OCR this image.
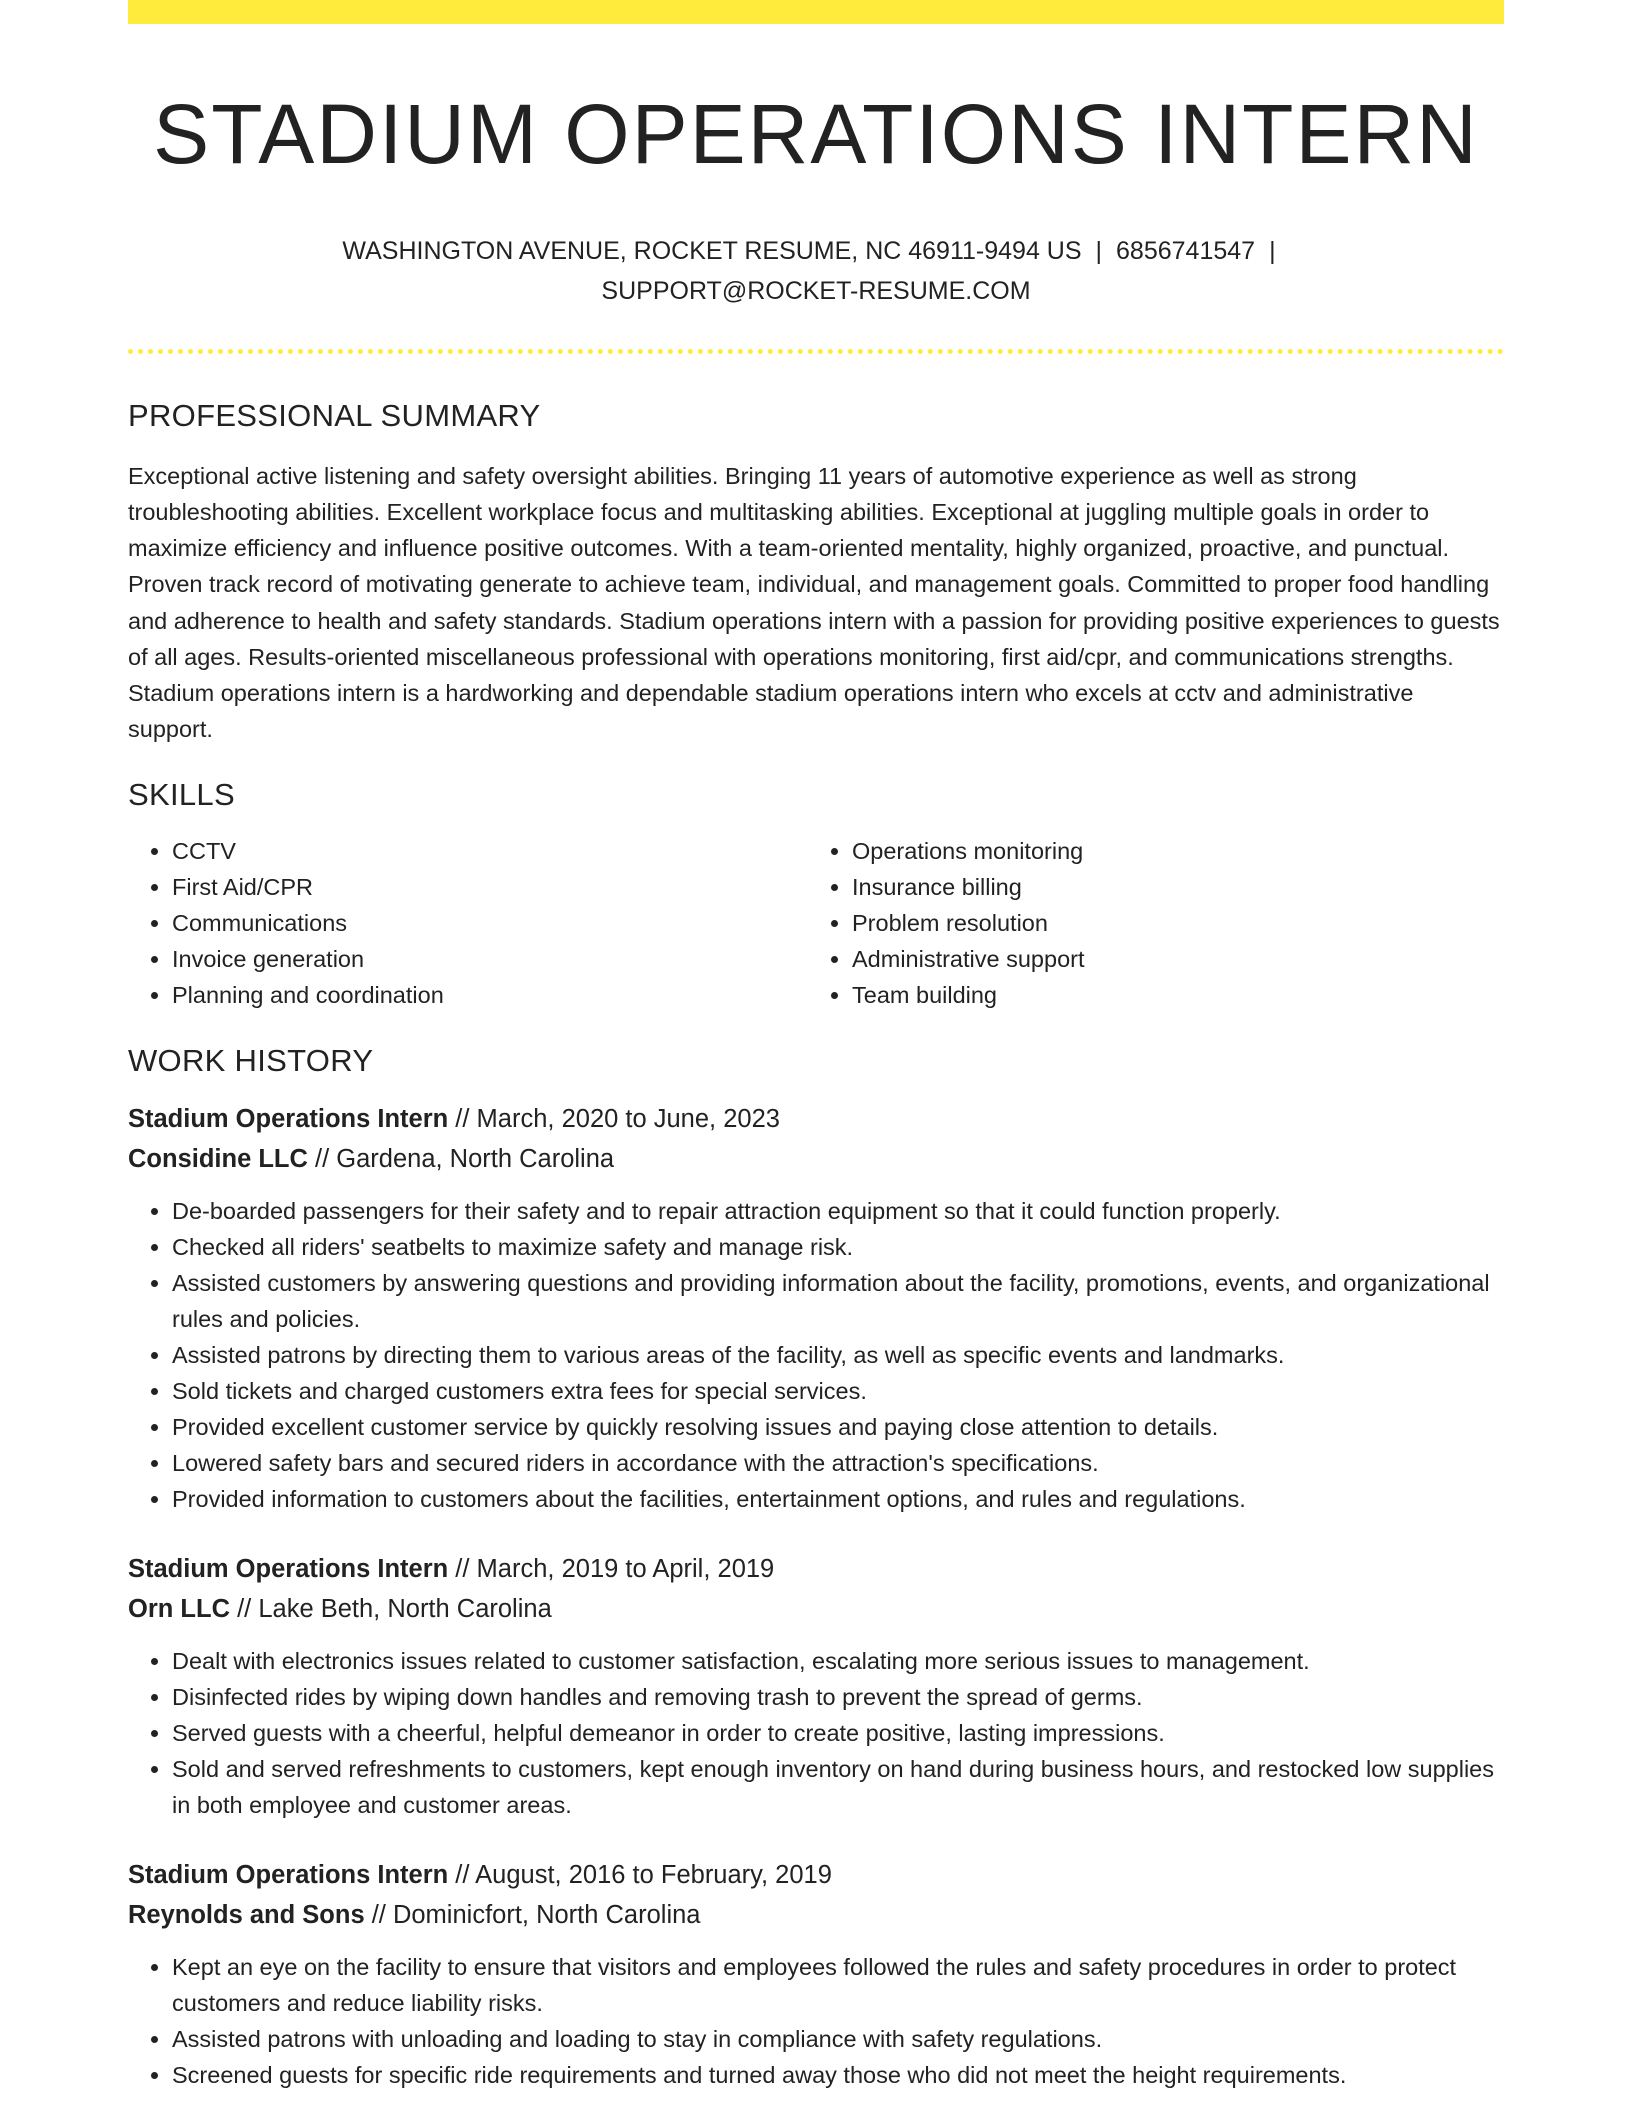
STADIUM OPERATIONS INTERN
WASHINGTON AVENUE, ROCKET RESUME, NC 46911-9494 US | 6856741547 |
SUPPORT@ROCKET-RESUME.COM
PROFESSIONAL SUMMARY

Exceptional active listening and safety oversight abilities. Bringing 11 years of automotive experience as well as strong troubleshooting abilities. Excellent workplace focus and multitasking abilities. Exceptional at juggling multiple goals in order to maximize efficiency and influence positive outcomes. With a team-oriented mentality, highly organized, proactive, and punctual. Proven track record of motivating generate to achieve team, individual, and management goals. Committed to proper food handling and adherence to health and safety standards. Stadium operations intern with a passion for providing positive experiences to guests of all ages. Results-oriented miscellaneous professional with operations monitoring, first aid/cpr, and communications strengths. Stadium operations intern is a hardworking and dependable stadium operations intern who excels at cctv and administrative support.

SKILLS
• CCTV
• First Aid/CPR
• Communications
• Invoice generation
• Planning and coordination
• Operations monitoring
• Insurance billing
• Problem resolution
• Administrative support
• Team building
WORK HISTORY

Stadium Operations Intern // March, 2020 to June, 2023

Considine LLC // Gardena, North Carolina

• De-boarded passengers for their safety and to repair attraction equipment so that it could function properly.
• Checked all riders' seatbelts to maximize safety and manage risk.
• Assisted customers by answering questions and providing information about the facility, promotions, events, and organizational rules and policies.
• Assisted patrons by directing them to various areas of the facility, as well as specific events and landmarks.
• Sold tickets and charged customers extra fees for special services.
• Provided excellent customer service by quickly resolving issues and paying close attention to details.
• Lowered safety bars and secured riders in accordance with the attraction's specifications.
• Provided information to customers about the facilities, entertainment options, and rules and regulations.

Stadium Operations Intern // March, 2019 to April, 2019

Orn LLC // Lake Beth, North Carolina

• Dealt with electronics issues related to customer satisfaction, escalating more serious issues to management.
• Disinfected rides by wiping down handles and removing trash to prevent the spread of germs.
• Served guests with a cheerful, helpful demeanor in order to create positive, lasting impressions.
• Sold and served refreshments to customers, kept enough inventory on hand during business hours, and restocked low supplies in both employee and customer areas.

Stadium Operations Intern // August, 2016 to February, 2019

Reynolds and Sons // Dominicfort, North Carolina

• Kept an eye on the facility to ensure that visitors and employees followed the rules and safety procedures in order to protect customers and reduce liability risks.
• Assisted patrons with unloading and loading to stay in compliance with safety regulations.
• Screened guests for specific ride requirements and turned away those who did not meet the height requirements.
